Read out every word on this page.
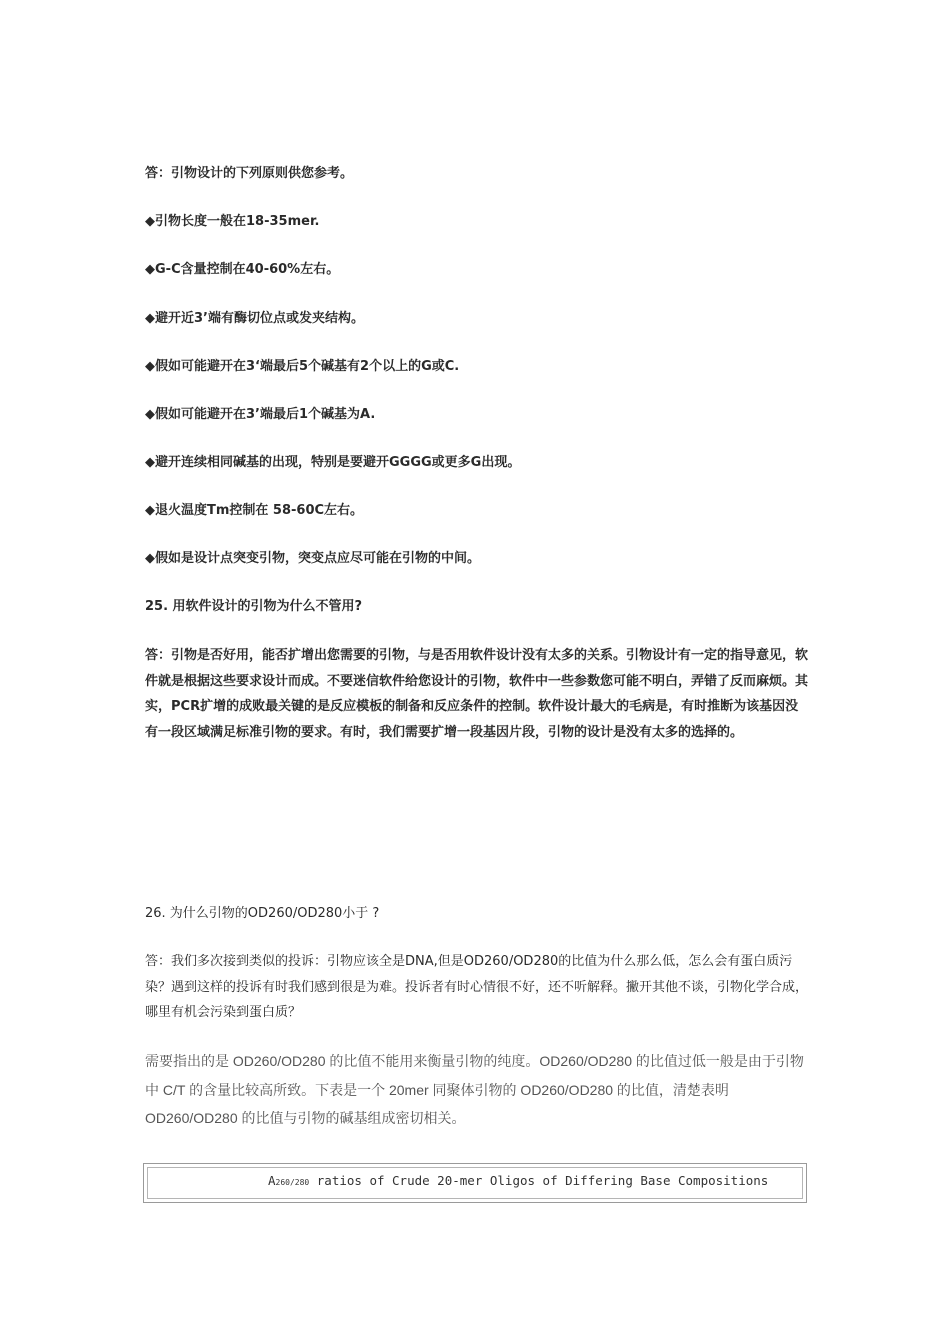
答：引物设计的下列原则供您参考。
◆引物长度一般在18-35mer.
◆G-C含量控制在40-60%左右。
◆避开近3’端有酶切位点或发夹结构。
◆假如可能避开在3‘端最后5个碱基有2个以上的G或C.
◆假如可能避开在3’端最后1个碱基为A.
◆避开连续相同碱基的出现，特别是要避开GGGG或更多G出现。
◆退火温度Tm控制在 58-60C左右。
◆假如是设计点突变引物，突变点应尽可能在引物的中间。
25. 用软件设计的引物为什么不管用?
答：引物是否好用，能否扩增出您需要的引物，与是否用软件设计没有太多的关系。引物设计有一定的指导意见，软件就是根据这些要求设计而成。不要迷信软件给您设计的引物，软件中一些参数您可能不明白，弄错了反而麻烦。其实，PCR扩增的成败最关键的是反应模板的制备和反应条件的控制。软件设计最大的毛病是，有时推断为该基因没有一段区域满足标准引物的要求。有时，我们需要扩增一段基因片段，引物的设计是没有太多的选择的。
26. 为什么引物的OD260/OD280小于 ?
答：我们多次接到类似的投诉：引物应该全是DNA,但是OD260/OD280的比值为什么那么低，怎么会有蛋白质污染？遇到这样的投诉有时我们感到很是为难。投诉者有时心情很不好，还不听解释。撇开其他不谈，引物化学合成，哪里有机会污染到蛋白质？
需要指出的是 OD260/OD280 的比值不能用来衡量引物的纯度。OD260/OD280 的比值过低一般是由于引物中 C/T 的含量比较高所致。下表是一个 20mer 同聚体引物的 OD260/OD280 的比值，清楚表明 OD260/OD280 的比值与引物的碱基组成密切相关。
A260/280 ratios of Crude 20-mer Oligos of Differing Base Compositions
